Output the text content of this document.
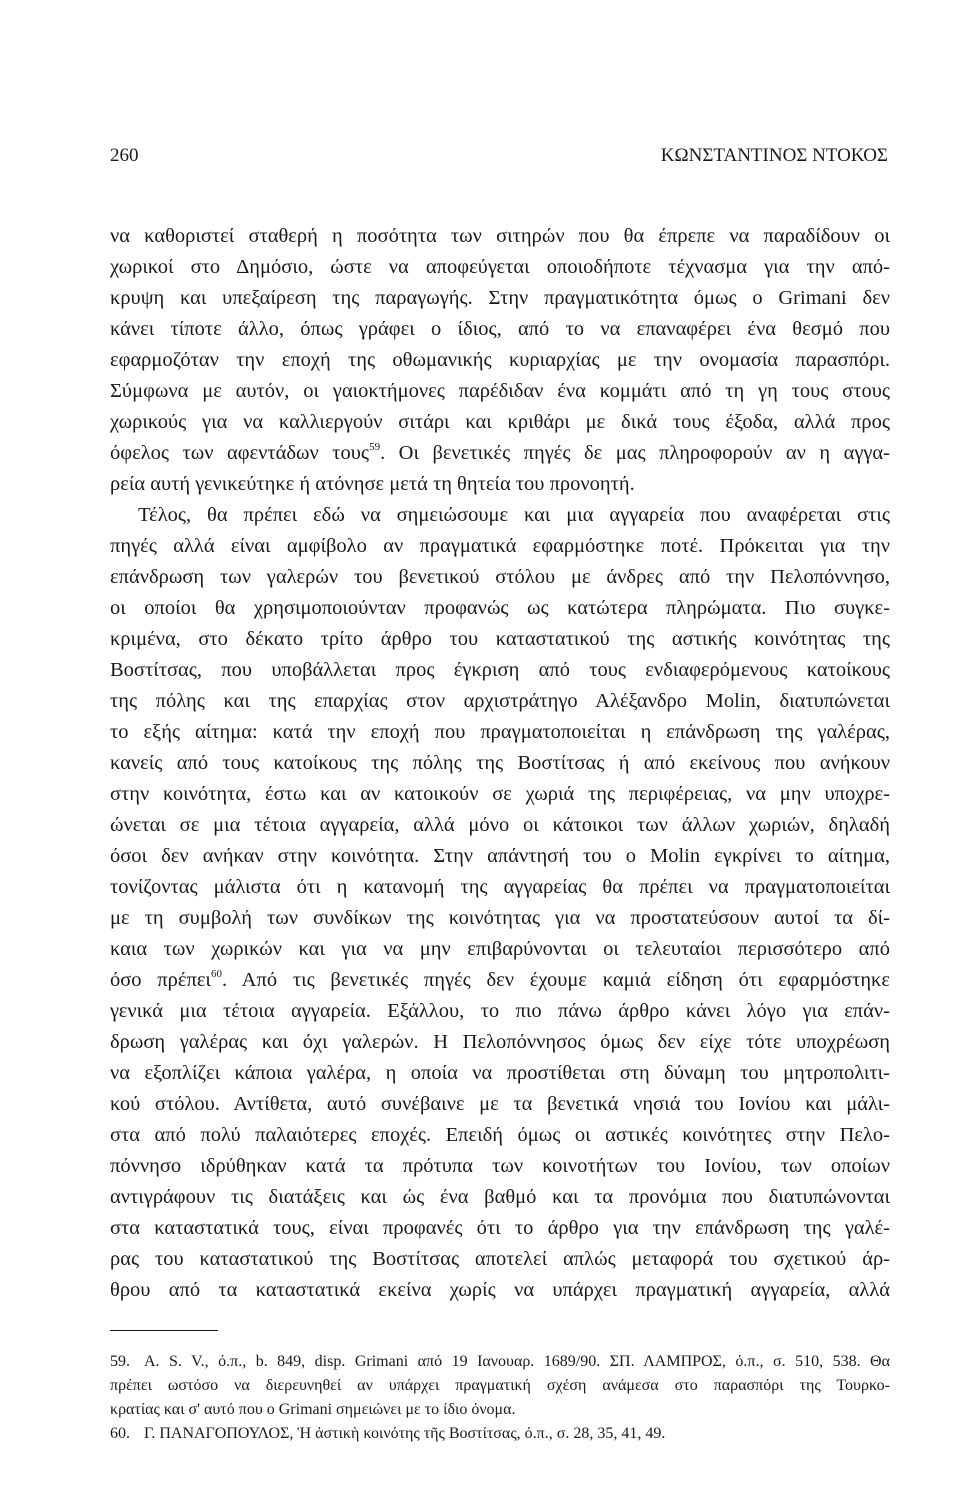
260	ΚΩΝΣΤΑΝΤΙΝΟΣ ΝΤΟΚΟΣ
να καθοριστεί σταθερή η ποσότητα των σιτηρών που θα έπρεπε να παραδίδουν οι
χωρικοί στο Δημόσιο, ώστε να αποφεύγεται οποιοδήποτε τέχνασμα για την από-
κρυψη και υπεξαίρεση της παραγωγής. Στην πραγματικότητα όμως ο Grimani δεν
κάνει τίποτε άλλο, όπως γράφει ο ίδιος, από το να επαναφέρει ένα θεσμό που
εφαρμοζόταν την εποχή της οθωμανικής κυριαρχίας με την ονομασία παρασπόρι.
Σύμφωνα με αυτόν, οι γαιοκτήμονες παρέδιδαν ένα κομμάτι από τη γη τους στους
χωρικούς για να καλλιεργούν σιτάρι και κριθάρι με δικά τους έξοδα, αλλά προς
όφελος των αφεντάδων τους$^{59}$. Οι βενετικές πηγές δε μας πληροφορούν αν η αγγα-
ρεία αυτή γενικεύτηκε ή ατόνησε μετά τη θητεία του προνοητή.
Τέλος, θα πρέπει εδώ να σημειώσουμε και μια αγγαρεία που αναφέρεται στις
πηγές αλλά είναι αμφίβολο αν πραγματικά εφαρμόστηκε ποτέ. Πρόκειται για την
επάνδρωση των γαλερών του βενετικού στόλου με άνδρες από την Πελοπόννησο,
οι οποίοι θα χρησιμοποιούνταν προφανώς ως κατώτερα πληρώματα. Πιο συγκε-
κριμένα, στο δέκατο τρίτο άρθρο του καταστατικού της αστικής κοινότητας της
Βοστίτσας, που υποβάλλεται προς έγκριση από τους ενδιαφερόμενους κατοίκους
της πόλης και της επαρχίας στον αρχιστράτηγο Αλέξανδρο Molin, διατυπώνεται
το εξής αίτημα: κατά την εποχή που πραγματοποιείται η επάνδρωση της γαλέρας,
κανείς από τους κατοίκους της πόλης της Βοστίτσας ή από εκείνους που ανήκουν
στην κοινότητα, έστω και αν κατοικούν σε χωριά της περιφέρειας, να μην υποχρε-
ώνεται σε μια τέτοια αγγαρεία, αλλά μόνο οι κάτοικοι των άλλων χωριών, δηλαδή
όσοι δεν ανήκαν στην κοινότητα. Στην απάντησή του ο Molin εγκρίνει το αίτημα,
τονίζοντας μάλιστα ότι η κατανομή της αγγαρείας θα πρέπει να πραγματοποιείται
με τη συμβολή των συνδίκων της κοινότητας για να προστατεύσουν αυτοί τα δί-
καια των χωρικών και για να μην επιβαρύνονται οι τελευταίοι περισσότερο από
όσο πρέπει$^{60}$. Από τις βενετικές πηγές δεν έχουμε καμιά είδηση ότι εφαρμόστηκε
γενικά μια τέτοια αγγαρεία. Εξάλλου, το πιο πάνω άρθρο κάνει λόγο για επάν-
δρωση γαλέρας και όχι γαλερών. Η Πελοπόννησος όμως δεν είχε τότε υποχρέωση
να εξοπλίζει κάποια γαλέρα, η οποία να προστίθεται στη δύναμη του μητροπολιτι-
κού στόλου. Αντίθετα, αυτό συνέβαινε με τα βενετικά νησιά του Ιονίου και μάλι-
στα από πολύ παλαιότερες εποχές. Επειδή όμως οι αστικές κοινότητες στην Πελο-
πόννησο ιδρύθηκαν κατά τα πρότυπα των κοινοτήτων του Ιονίου, των οποίων
αντιγράφουν τις διατάξεις και ώς ένα βαθμό και τα προνόμια που διατυπώνονται
στα καταστατικά τους, είναι προφανές ότι το άρθρο για την επάνδρωση της γαλέ-
ρας του καταστατικού της Βοστίτσας αποτελεί απλώς μεταφορά του σχετικού άρ-
θρου από τα καταστατικά εκείνα χωρίς να υπάρχει πραγματική αγγαρεία, αλλά
59. A. S. V., ό.π., b. 849, disp. Grimani από 19 Ιανουαρ. 1689/90. ΣΠ. ΛΑΜΠΡΟΣ, ό.π., σ. 510, 538. Θα
πρέπει ωστόσο να διερευνηθεί αν υπάρχει πραγματική σχέση ανάμεσα στο παρασπόρι της Τουρκο-
κρατίας και σ' αυτό που ο Grimani σημειώνει με το ίδιο όνομα.
60. Γ. ΠΑΝΑΓΟΠΟΥΛΟΣ, Ἡ ἀστικὴ κοινότης τῆς Βοστίτσας, ό.π., σ. 28, 35, 41, 49.
